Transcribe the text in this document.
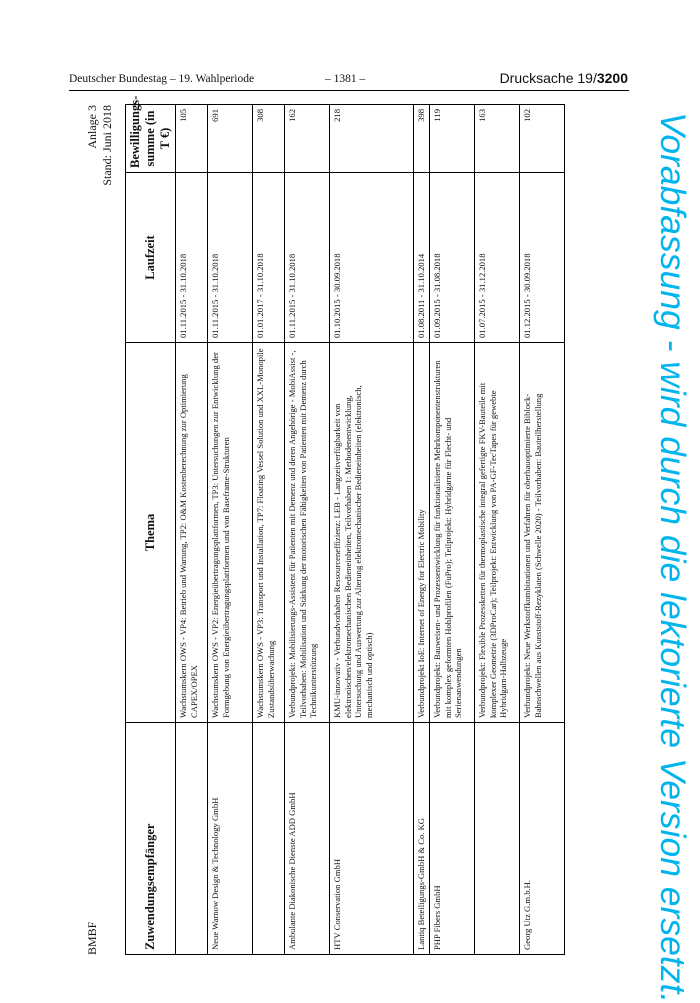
Deutscher Bundestag – 19. Wahlperiode	– 1381 –	Drucksache 19/3200
BMBF
Anlage 3 Stand: Juni 2018
Zuwendungsempfänger	Thema	Laufzeit	Bewilligungs-summe (in T €)
	Wachstumskern OWS - VP4: Betrieb und Wartung, TP2: O&M Kostenberechnung zur Optimierung CAPEX/OPEX	01.11.2015 - 31.10.2018	105
Neue Warnow Design & Technology GmbH	Wachstumskern OWS - VP2: Energieübertragungsplattformen, TP3: Untersuchungen zur Entwicklung der Formgebung von Energieübertragungsplattformen und von Baseframe-Strukturen	01.11.2015 - 31.10.2018	691
	Wachstumskern OWS - VP3: Transport und Installation, TP7: Floating Vessel Solution und XXL-Monopile Zustandsüberwachung	01.01.2017 - 31.10.2018	308
Ambulante Diakonische Dienste ADD GmbH	Verbundprojekt: Mobilisierungs-Assistent für Patienten mit Demenz und deren Angehörige - MobiAssist -, Teilvorhaben: Mobilisation und Stärkung der motorischen Fähigkeiten von Patienten mit Demenz durch Technikunterstützung	01.11.2015 - 31.10.2018	162
HTV Conservation GmbH	KMU-innovativ - Verbundvorhaben Ressourceneffizienz: LEB - Langzeitverfügbarkeit von elektronischen/elektromechanischen Bedieneinheiten, Teilvorhaben 1: Methodenentwicklung, Untersuchung und Auswertung zur Alterung elektromechanischer Bedieneinheiten (elektronisch, mechanisch und optisch)	01.10.2015 - 30.09.2018	218
Lantiq Beteiligungs-GmbH & Co. KG	Verbundprojekt IoE: Internet of Energy for Electric Mobility	01.08.2011 - 31.10.2014	398
PHP Fibers GmbH	Verbundprojekt: Bauweisen- und Prozessentwicklung für funktionalisierte Mehrkomponentenstrukturen mit komplex geformten Hohlprofilen (FuPro); Teilprojekt: Hybridgarne für Flecht- und Serienanwendungen	01.09.2015 - 31.08.2018	119
	Verbundprojekt: Flexible Prozessketten für thermoplastische integral gefertigte FKV-Bauteile mit komplexer Geometrie (3DProCar); Teilprojekt: Entwicklung von PA-GF-TecTapes für gewebte Hybridgarn-Halbzeuge	01.07.2015 - 31.12.2018	163
Georg Utz G.m.b.H.	Verbundprojekt: Neue Werkstoffkombinationen und Verfahren für oberbauoptimierte Biblock-Bahnschwellen aus Kunststoff-Rezyklaten (Schwelle 2020) - Teilvorhaben: Bauteilherstellung	01.12.2015 - 30.09.2018	102	Vorabfassung - wird durch die lektorierte Version ersetzt.
